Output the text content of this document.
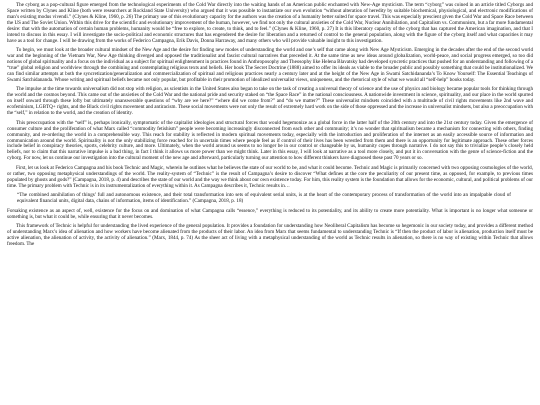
The cyborg as a pop-cultural figure emerged from the technological experiments of the Cold War directly into the waiting hands of an American public enchanted with New-Age mysticism. The term “cyborg” was coined in an article titled Cyborgs and Space written by Clynes and Kline (both were researchers at Rockland State University) who argued that it was possible to instantiate our own evolution “without alteration of heredity by suitable biochemical, physiological, and electronic modifications of man’s existing modus vivendi.” (Clynes & Kline, 1960, p. 26) The primary use of this evolutionary capacity for the authors was the creation of a humanity better suited for space travel. This was especially prescient given the Cold War and Space Race between the US and The Soviet Union. Within this drive for the scientific and evolutionary improvement of the human, however, we find not only the cultural anxieties of the Cold War, Nuclear Annihilation, and Capitalism vs. Communism, but a far more fundamental desire: that with the automation of certain human problems, humanity would be “free to explore, to create, to think, and to feel.” (Clynes & Kline, 1960, p. 27) It is this liberatory capacity of the cyborg that has captured the American imagination, and that I intend to discuss in this essay. I will investigate the socio-political and economic structures that has engendered the desire for liberation and a returned of control to the general population, along with the figure of the cyborg itself and what capacities it may have as a tool for change. I will be drawing from the works of Federico Campagna, Erik Davis, Donna Harraway, and many others who will provide valuable insight to this investigation.

To begin, we must look at the broader cultural mindset of the New Age and the desire for finding new modes of understanding the world and one’s self that came along with New Age Mysticism. Emerging in the decades after the end of the second world war and the beginning of the Vietnam War, New Age thinking diverged and opposed the traditionalist and fascist cultural narratives that preceded it. At the same time as new ideas around globalization, world-peace, and social progress emerged, so too did notions of global spirituality and a focus on the individual as a subject for spiritual enlightenment in practices found in Anthroposophy and Theosophy like Helena Blavatsky had developed syncretic practices that pushed for an understanding and following of a “true” global religion and worldview through the combining and contemplating religious texts and beliefs. Her book The Secret Doctrine (1888) aimed to offer its ideals as viable to the broader public and possibly something that could be institutionalized. We can find similar attempts at both the syncretization/generalization and commercialization of spiritual and religious practices nearly a century later and at the height of the New Age in Swami Satchidananda’s To Know Yourself: The Essential Teachings of Swami Satchidananda. Whose writing and spiritual beliefs became not only popular, but profitable in their promotion of idealized universalist views, uniqueness, and the rhetorical style of what we would all “self-help” books today.

The impulse at the time towards universalism did not stop with religion, as scientists in the United States also began to take on the task of creating a universal theory of science and the use of physics and biology became popular tools for thinking through the world and the cosmos beyond. This came out of the anxieties of the Cold War and the national pride and security staked on “the Space Race” in the national consciousness. A nationwide investment in science, spirituality, and our place in the world spurred on itself onward through these lofty but ultimately unanswerable questions of “why are we here?” “where did we come from?” and “do we matter?” These universalist mindsets coincided with a multitude of civil rights movements like 2nd wave and ecofeminism, LGBTQ+ rights, and the Black civil rights movement and antiracism. These social movements were not only the result of extremely hard work on the side of those oppressed and the increase in universalist mindsets, but also a preoccupation with the “self,” in relation to the world, and the creation of identity.

This preoccupation with the “self” is, perhaps ironically, symptomatic of the capitalist ideologies and structural forces that would hegemonize as a global force in the latter half of the 20th century and into the 21st century today. Given the emergence of consumer culture and the proliferation of what Marx called “commodity fetishism” people were becoming increasingly disconnected from each other and community; it’s no wonder that spiritualism became a mechanism for connecting with others, finding community, and re-ordering the world in a comprehensible way. This reach for stability is reflected in modern spiritual movements today, especially with the introduction and proliferation of the internet as an easily accessible source of information and communication around the world. Spirituality is not the only stabilizing force reached for in uncertain times where people feel as if control of their lives has been wrestled from them and there is an opportunity for legitimate approach. These other forces include belief in conspiracy theories, sports, celebrity culture, and more. Ultimately, when the world around us seems to no longer be in our control or changeable by us, humanity copes through narrative. I do not say this to trivialize people’s closely held beliefs, nor to claim that this narrative impulse is a bad thing, in fact I think it allows us more power than we might think. Later in this essay, I will look at narrative as a tool more closely, and put it in conversation with the genre of science-fiction and the cyborg. For now, let us continue our investigation into the cultural moment of the new age and afterward, particularly turning our attention to how different thinkers have diagnosed these past 70 years or so.

First, let us look at Federico Campagna and his book Technic and Magic, wherein he outlines what he believes the state of our world to be, and what it could become. Technic and Magic is primarily concerned with two opposing cosmologies of the world, or rather, two opposing metaphysical understandings of the world. The reality-system of “Technic” is the result of Campagna’s desire to discover “What defines at the core the peculiarity of our present time, as opposed, for example, to previous times populated by ghosts and gods?” (Campagna, 2018, p. 4) and describes the state of our world and the way we think about our own existence today. For him, this reality system is the foundation that allows for the economic, cultural, and political problems of our time. The primary problem with Technic is in its instrumentalization of everything within it. As Campagna describes it, Technic results in…

“The combined annihilation of things’ full and autonomous existence, and their total transformation into sets of equivalent serial units, is at the heart of the contemporary process of transformation of the world into an impalpable cloud of equivalent financial units, digital data, chains of information, items of identification.” (Campagna, 2018, p. 18)

Forsaking existence as an aspect of, well, existence for the focus on and domination of what Campagna calls “essence,” everything is reduced to its potentiality, and its ability to create more potentiality. What is important is no longer what someone or something is, but what it could be, while ensuring that it never becomes.

This framework of Technic is helpful for understanding the lived experience of the general population. It provides a foundation for understanding how Neoliberal Capitalism has become so hegemonic in our society today, and provides a different method of understanding Marx’s idea of alienation and how workers have become alienated from the products of their labor. An idea from Marx that seems fundamental to understanding Technic is “If then the product of labor is alienation, production itself must be active alienation, the alienation of activity, the activity of alienation.” (Marx, 1844, p. 74) As the sheer act of living with a metaphysical understanding of the world as Technic results in alienation, so there is no way of existing within Technic that allows freedom. The
